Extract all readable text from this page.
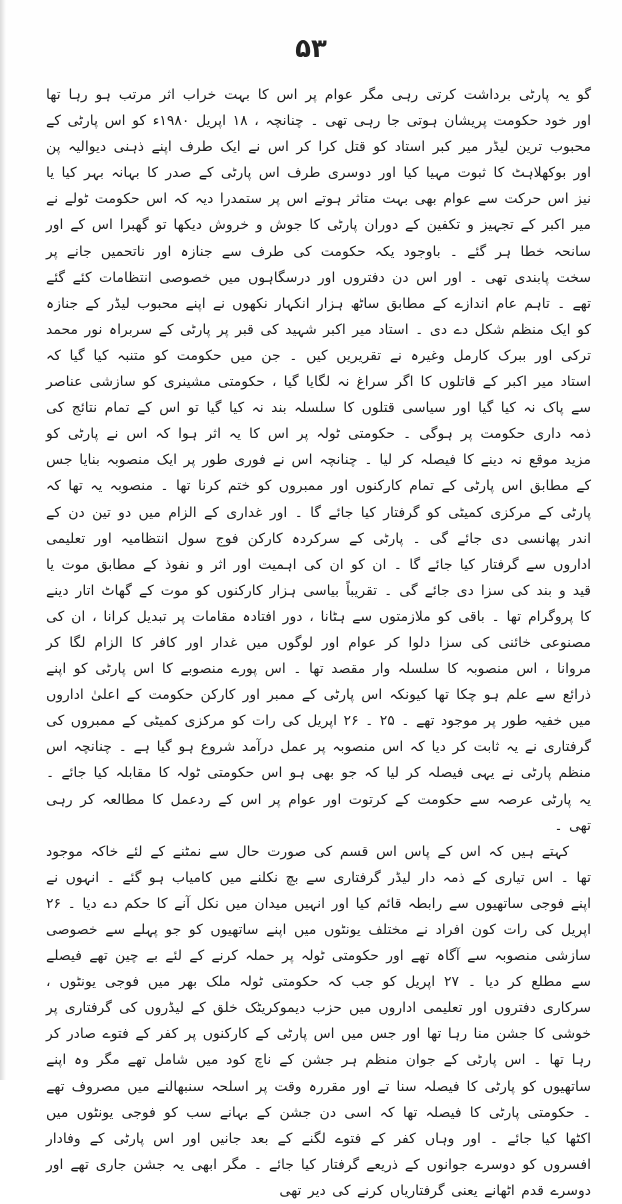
۵۳

گو یہ پارٹی برداشت کرتی رہی مگر عوام پر اس کا بہت خراب اثر مرتب ہو رہا تھا اور خود حکومت پریشان ہوتی جا رہی تھی ۔ چنانچہ ، ۱۸ اپریل ۱۹۸۰ء کو اس پارٹی کے محبوب ترین لیڈر میر کبر استاد کو قتل کرا کر اس نے ایک طرف اپنے ذہنی دیوالیہ پن اور بوکھلاہٹ کا ثبوت مہیا کیا اور دوسری طرف اس پارٹی کے صدر کا بہانہ بہر کیا یا نیز اس حرکت سے عوام بھی بہت متاثر ہوتے اس پر ستمدرا دیہ کہ اس حکومت ٹولے نے میر اکبر کے تجہیز و تکفین کے دوران پارٹی کا جوش و خروش دیکھا تو گھبرا اس کے اور سانحہ خطا ہر گئے ۔ باوجود یکہ حکومت کی طرف سے جنازہ اور ناتحمیں جانے پر سخت پابندی تھی ۔ اور اس دن دفتروں اور درسگاہوں میں خصوصی انتظامات کئے گئے تھے ۔ تاہم عام اندازے کے مطابق ساٹھ ہزار انکہار نکھوں نے اپنے محبوب لیڈر کے جنازہ کو ایک منظم شکل دے دی ۔ استاد میر اکبر شہید کی قبر پر پارٹی کے سربراہ نور محمد ترکی اور ببرک کارمل وغیرہ نے تقریریں کیں ۔ جن میں حکومت کو متنبہ کیا گیا کہ استاد میر اکبر کے قاتلوں کا اگر سراغ نہ لگایا گیا ، حکومتی مشینری کو سازشی عناصر سے پاک نہ کیا گیا اور سیاسی قتلوں کا سلسلہ بند نہ کیا گیا تو اس کے تمام نتائج کی ذمہ داری حکومت پر ہوگی ۔ حکومتی ٹولہ پر اس کا یہ اثر ہوا کہ اس نے پارٹی کو مزید موقع نہ دینے کا فیصلہ کر لیا ۔ چنانچہ اس نے فوری طور پر ایک منصوبہ بنایا جس کے مطابق اس پارٹی کے تمام کارکنوں اور ممبروں کو ختم کرنا تھا ۔ منصوبہ یہ تھا کہ پارٹی کے مرکزی کمیٹی کو گرفتار کیا جائے گا ۔ اور غداری کے الزام میں دو تین دن کے اندر پھانسی دی جائے گی ۔ پارٹی کے سرکردہ کارکن فوج سول انتظامیہ اور تعلیمی اداروں سے گرفتار کیا جائے گا ۔ ان کو ان کی اہمیت اور اثر و نفوذ کے مطابق موت یا قید و بند کی سزا دی جائے گی ۔ تقریباً بیاسی ہزار کارکنوں کو موت کے گھاٹ اتار دینے کا پروگرام تھا ۔ باقی کو ملازمتوں سے ہٹانا ، دور افتادہ مقامات پر تبدیل کرانا ، ان کی مصنوعی خائنی کی سزا دلوا کر عوام اور لوگوں میں غدار اور کافر کا الزام لگا کر مروانا ، اس منصوبہ کا سلسلہ وار مقصد تھا ۔ اس پورے منصوبے کا اس پارٹی کو اپنے ذرائع سے علم ہو چکا تھا کیونکہ اس پارٹی کے ممبر اور کارکن حکومت کے اعلیٰ اداروں میں خفیہ طور پر موجود تھے ۔ ۲۵ ۔ ۲۶ اپریل کی رات کو مرکزی کمیٹی کے ممبروں کی گرفتاری نے یہ ثابت کر دیا کہ اس منصوبہ پر عمل درآمد شروع ہو گیا ہے ۔ چنانچہ اس منظم پارٹی نے یہی فیصلہ کر لیا کہ جو بھی ہو اس حکومتی ٹولہ کا مقابلہ کیا جائے ۔ یہ پارٹی عرصہ سے حکومت کے کرتوت اور عوام پر اس کے ردعمل کا مطالعہ کر رہی تھی ۔

کہتے ہیں کہ اس کے پاس اس قسم کی صورت حال سے نمٹنے کے لئے خاکہ موجود تھا ۔ اس تیاری کے ذمہ دار لیڈر گرفتاری سے بچ نکلنے میں کامیاب ہو گئے ۔ انہوں نے اپنے فوجی ساتھیوں سے رابطہ قائم کیا اور انہیں میدان میں نکل آنے کا حکم دے دیا ۔ ۲۶ اپریل کی رات کون افراد نے مختلف یونٹوں میں اپنے ساتھیوں کو جو پہلے سے خصوصی سازشی منصوبہ سے آگاہ تھے اور حکومتی ٹولہ پر حملہ کرنے کے لئے بے چین تھے فیصلے سے مطلع کر دیا ۔ ۲۷ اپریل کو جب کہ حکومتی ٹولہ ملک بھر میں فوجی یونٹوں ، سرکاری دفتروں اور تعلیمی اداروں میں حزب دیموکریٹک خلق کے لیڈروں کی گرفتاری پر خوشی کا جشن منا رہا تھا اور جس میں اس پارٹی کے کارکنوں پر کفر کے فتوے صادر کر رہا تھا ۔ اس پارٹی کے جوان منظم ہر جشن کے ناچ کود میں شامل تھے مگر وہ اپنے ساتھیوں کو پارٹی کا فیصلہ سنا تے اور مقررہ وقت پر اسلحہ سنبھالنے میں مصروف تھے ۔ حکومتی پارٹی کا فیصلہ تھا کہ اسی دن جشن کے بہانے سب کو فوجی یونٹوں میں اکٹھا کیا جائے ۔ اور وہاں کفر کے فتوے لگنے کے بعد جانیں اور اس پارٹی کے وفادار افسروں کو دوسرے جوانوں کے ذریعے گرفتار کیا جائے ۔ مگر ابھی یہ جشن جاری تھے اور دوسرے قدم اٹھانے یعنی گرفتاریاں کرنے کی دیر تھی
